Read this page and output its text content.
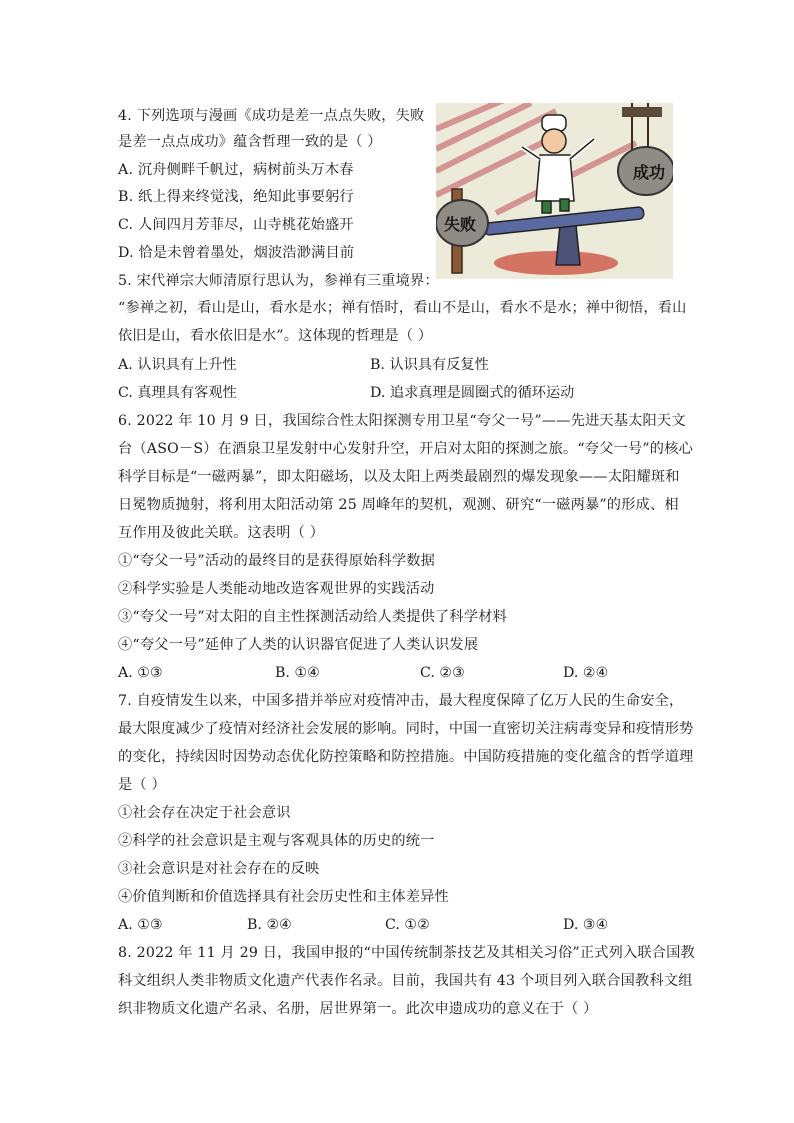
4. 下列选项与漫画《成功是差一点点失败，失败
是差一点点成功》蕴含哲理一致的是（ ）
A. 沉舟侧畔千帆过，病树前头万木春
B. 纸上得来终觉浅，绝知此事要躬行
C. 人间四月芳菲尽，山寺桃花始盛开
D. 恰是未曾着墨处，烟波浩渺满目前
成功
失败
5. 宋代禅宗大师清原行思认为，参禅有三重境界：
“参禅之初，看山是山，看水是水；禅有悟时，看山不是山，看水不是水；禅中彻悟，看山
依旧是山，看水依旧是水”。这体现的哲理是（ ）
A. 认识具有上升性	B. 认识具有反复性
C. 真理具有客观性	D. 追求真理是圆圈式的循环运动
6. 2022 年 10 月 9 日，我国综合性太阳探测专用卫星“夸父一号”——先进天基太阳天文
台（ASO－S）在酒泉卫星发射中心发射升空，开启对太阳的探测之旅。“夸父一号”的核心
科学目标是“一磁两暴”，即太阳磁场，以及太阳上两类最剧烈的爆发现象——太阳耀斑和
日冕物质抛射，将利用太阳活动第 25 周峰年的契机，观测、研究“一磁两暴”的形成、相
互作用及彼此关联。这表明（ ）
①“夸父一号”活动的最终目的是获得原始科学数据
②科学实验是人类能动地改造客观世界的实践活动
③“夸父一号”对太阳的自主性探测活动给人类提供了科学材料
④“夸父一号”延伸了人类的认识器官促进了人类认识发展
A. ①③	B. ①④	C. ②③	D. ②④
7. 自疫情发生以来，中国多措并举应对疫情冲击，最大程度保障了亿万人民的生命安全，
最大限度减少了疫情对经济社会发展的影响。同时，中国一直密切关注病毒变异和疫情形势
的变化，持续因时因势动态优化防控策略和防控措施。中国防疫措施的变化蕴含的哲学道理
是（ ）
①社会存在决定于社会意识
②科学的社会意识是主观与客观具体的历史的统一
③社会意识是对社会存在的反映
④价值判断和价值选择具有社会历史性和主体差异性
A. ①③	B. ②④	C. ①②	D. ③④
8. 2022 年 11 月 29 日，我国申报的“中国传统制茶技艺及其相关习俗”正式列入联合国教
科文组织人类非物质文化遗产代表作名录。目前，我国共有 43 个项目列入联合国教科文组
织非物质文化遗产名录、名册，居世界第一。此次申遗成功的意义在于（ ）
